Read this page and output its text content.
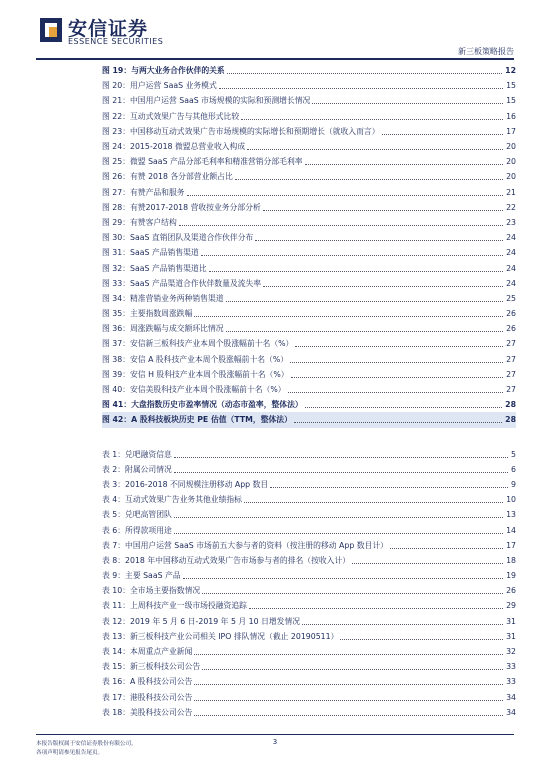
安信证券
ESSENCE SECURITIES
新三板策略报告
图 19：与两大业务合作伙伴的关系	12
图 20：用户运营 SaaS 业务模式	15
图 21：中国用户运营 SaaS 市场规模的实际和预测增长情况	15
图 22：互动式效果广告与其他形式比较	16
图 23：中国移动互动式效果广告市场规模的实际增长和预期增长（就收入而言）	17
图 24：2015-2018 微盟总营业收入构成	20
图 25：微盟 SaaS 产品分部毛利率和精准营销分部毛利率	20
图 26：有赞 2018 各分部营业额占比	20
图 27：有赞产品和服务	21
图 28：有赞2017-2018 营收按业务分部分析	22
图 29：有赞客户结构	23
图 30：SaaS 直销团队及渠道合作伙伴分布	24
图 31：SaaS 产品销售渠道	24
图 32：SaaS 产品销售渠道比	24
图 33：SaaS 产品渠道合作伙伴数量及流失率	24
图 34：精准营销业务两种销售渠道	25
图 35：主要指数周涨跌幅	26
图 36：周涨跌幅与成交额环比情况	26
图 37：安信新三板科技产业本周个股涨幅前十名（%）	27
图 38：安信 A 股科技产业本周个股涨幅前十名（%）	27
图 39：安信 H 股科技产业本周个股涨幅前十名（%）	27
图 40：安信美股科技产业本周个股涨幅前十名（%）	27
图 41：大盘指数历史市盈率情况（动态市盈率，整体法）	28
图 42：A 股科技板块历史 PE 估值（TTM，整体法）	28
表 1：兑吧融资信息	5
表 2：附属公司情况	6
表 3：2016-2018 不同规模注册移动 App 数目	9
表 4：互动式效果广告业务其他业绩指标	10
表 5：兑吧高管团队	13
表 6：所得款项用途	14
表 7：中国用户运营 SaaS 市场前五大参与者的资料（按注册的移动 App 数目计）	17
表 8：2018 年中国移动互动式效果广告市场参与者的排名（按收入计）	18
表 9：主要 SaaS 产品	19
表 10：全市场主要指数情况	26
表 11：上周科技产业一级市场投融资追踪	29
表 12：2019 年 5 月 6 日-2019 年 5 月 10 日增发情况	31
表 13：新三板科技产业公司相关 IPO 排队情况（截止 20190511）	31
表 14：本周重点产业新闻	32
表 15：新三板科技公司公告	33
表 16：A 股科技公司公告	33
表 17：港股科技公司公告	34
表 18：美股科技公司公告	34
本报告版权属于安信证券股份有限公司。
各项声明请参见报告尾页。
3
